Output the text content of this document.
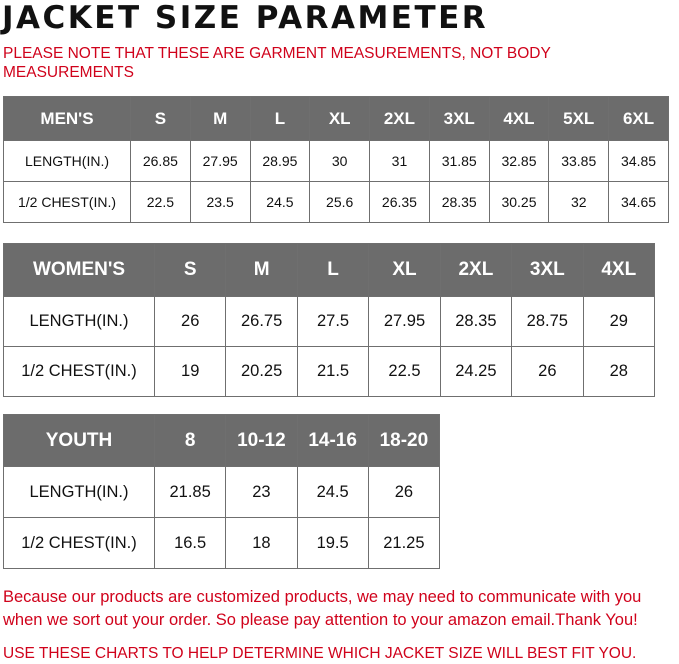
JACKET SIZE PARAMETER
PLEASE NOTE THAT THESE ARE GARMENT MEASUREMENTS, NOT BODY MEASUREMENTS
MEN'S	S	M	L	XL	2XL	3XL	4XL	5XL	6XL
LENGTH(IN.)	26.85	27.95	28.95	30	31	31.85	32.85	33.85	34.85
1/2 CHEST(IN.)	22.5	23.5	24.5	25.6	26.35	28.35	30.25	32	34.65
WOMEN'S	S	M	L	XL	2XL	3XL	4XL
LENGTH(IN.)	26	26.75	27.5	27.95	28.35	28.75	29
1/2 CHEST(IN.)	19	20.25	21.5	22.5	24.25	26	28
YOUTH	8	10-12	14-16	18-20
LENGTH(IN.)	21.85	23	24.5	26
1/2 CHEST(IN.)	16.5	18	19.5	21.25
Because our products are customized products, we may need to communicate with you when we sort out your order. So please pay attention to your amazon email.Thank You!
USE THESE CHARTS TO HELP DETERMINE WHICH JACKET SIZE WILL BEST FIT YOU.
